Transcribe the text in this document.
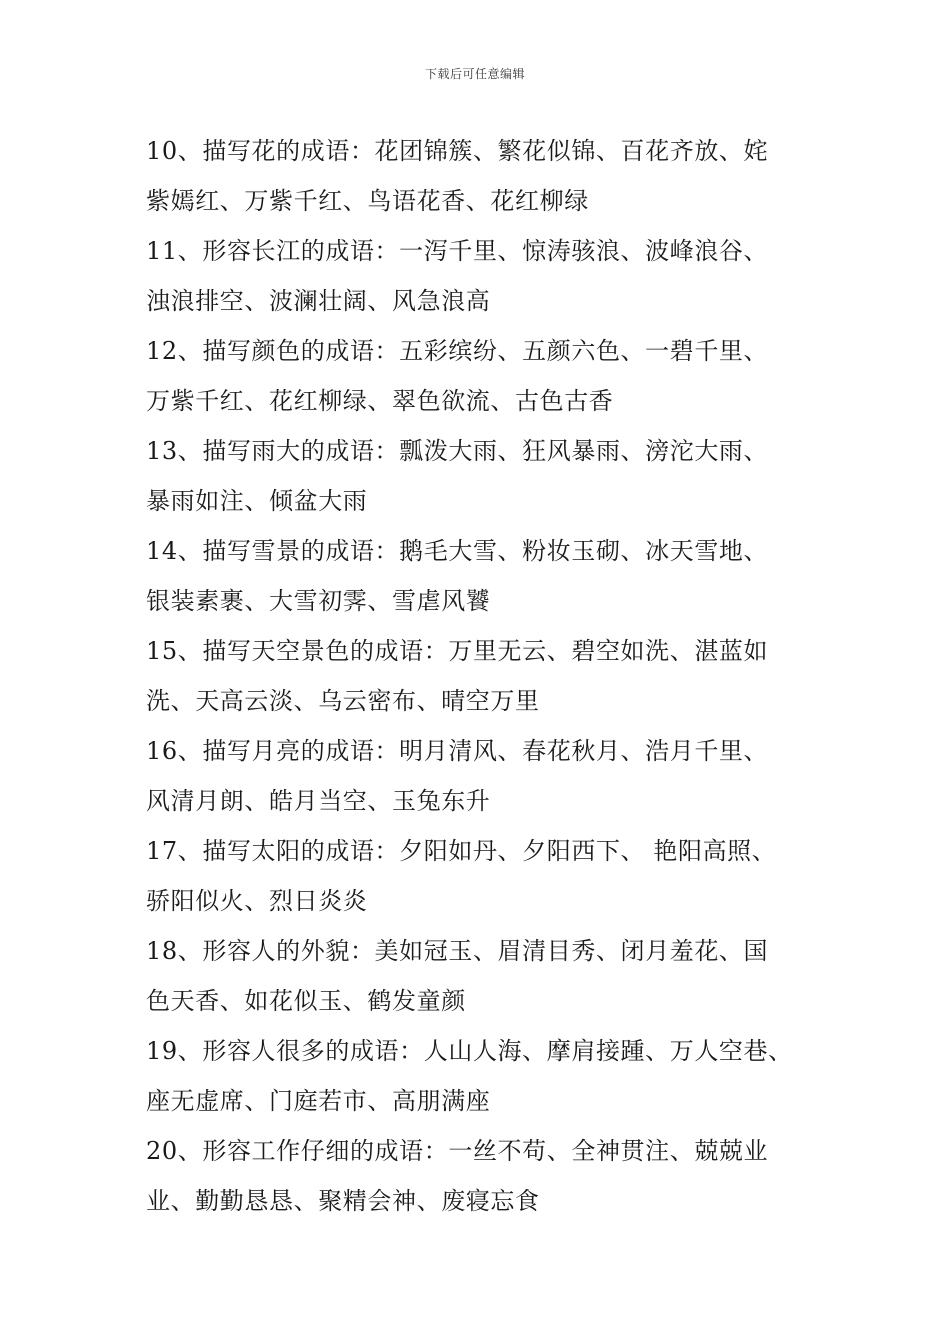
下载后可任意编辑
10、描写花的成语：花团锦簇、繁花似锦、百花齐放、姹
紫嫣红、万紫千红、鸟语花香、花红柳绿
11、形容长江的成语：一泻千里、惊涛骇浪、波峰浪谷、
浊浪排空、波澜壮阔、风急浪高
12、描写颜色的成语：五彩缤纷、五颜六色、一碧千里、
万紫千红、花红柳绿、翠色欲流、古色古香
13、描写雨大的成语：瓢泼大雨、狂风暴雨、滂沱大雨、
暴雨如注、倾盆大雨
14、描写雪景的成语：鹅毛大雪、粉妆玉砌、冰天雪地、
银装素裹、大雪初霁、雪虐风饕
15、描写天空景色的成语：万里无云、碧空如洗、湛蓝如
洗、天高云淡、乌云密布、晴空万里
16、描写月亮的成语：明月清风、春花秋月、浩月千里、
风清月朗、皓月当空、玉兔东升
17、描写太阳的成语：夕阳如丹、夕阳西下、 艳阳高照、
骄阳似火、烈日炎炎
18、形容人的外貌：美如冠玉、眉清目秀、闭月羞花、国
色天香、如花似玉、鹤发童颜
19、形容人很多的成语：人山人海、摩肩接踵、万人空巷、
座无虚席、门庭若市、高朋满座
20、形容工作仔细的成语：一丝不苟、全神贯注、兢兢业
业、勤勤恳恳、聚精会神、废寝忘食
